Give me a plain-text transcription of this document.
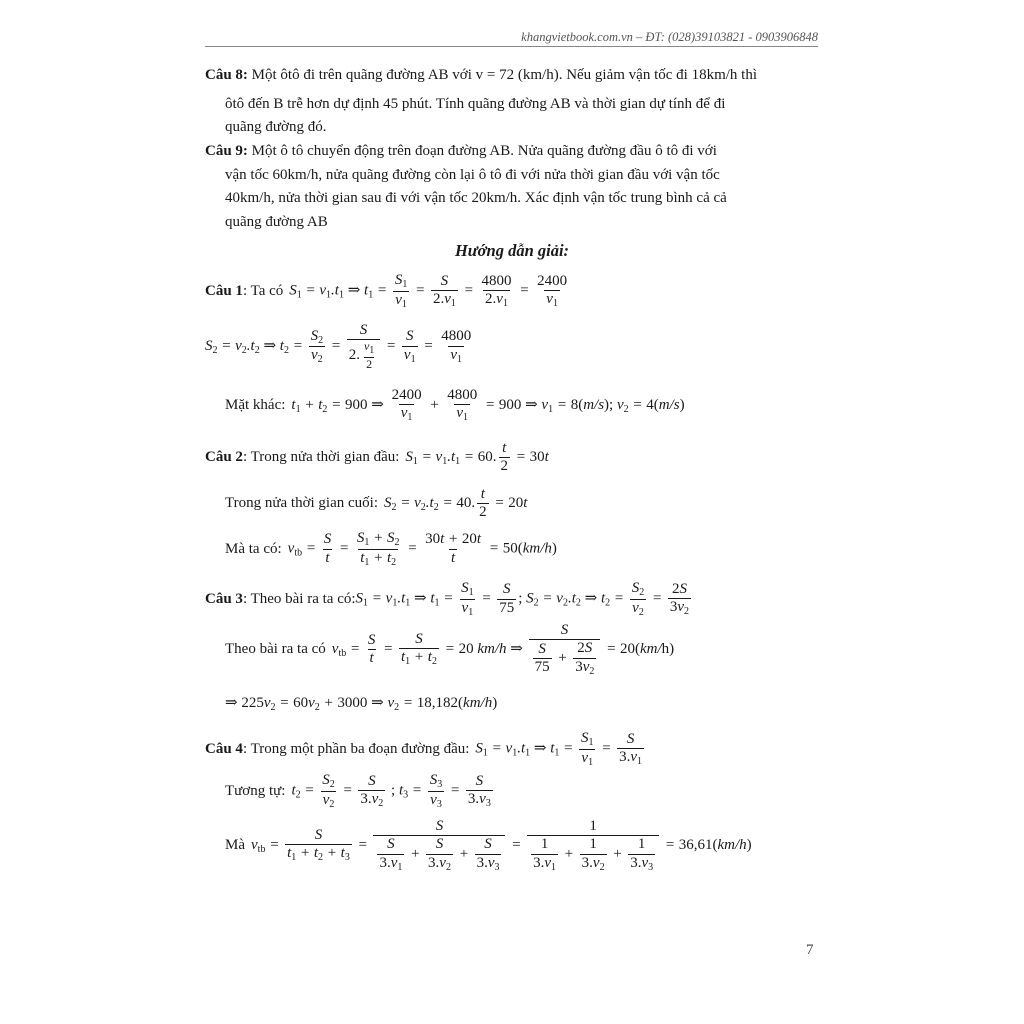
khangvietbook.com.vn – ĐT: (028)39103821 - 0903906848
Câu 8: Một ôtô đi trên quãng đường AB với v = 72 (km/h). Nếu giảm vận tốc đi 18km/h thì
ôtô đến B trễ hơn dự định 45 phút. Tính quãng đường AB và thời gian dự tính để đi
quãng đường đó.
Câu 9: Một ô tô chuyển động trên đoạn đường AB. Nửa quãng đường đầu ô tô đi với
vận tốc 60km/h, nửa quãng đường còn lại ô tô đi với nửa thời gian đầu với vận tốc
40km/h, nửa thời gian sau đi với vận tốc 20km/h. Xác định vận tốc trung bình cả cả
quãng đường AB
Hướng dẫn giải:
Câu 1 : Ta có $S_1 = v_1.t_1$ ⇒ $t_1 = \frac{S_1}{v_1} = \frac{S}{2.v_1} = \frac{4800}{2.v_1} = \frac{2400}{v_1}$
$S_2 = v_2.t_2$ ⇒ $t_2 = \frac{S_2}{v_2} = \frac{S}{2. \frac{v_1}{2}} = \frac{S}{v_1} = \frac{4800}{v_1}$
Mặt khác: $t_1 + t_2 = 900$ ⇒ $\frac{2400}{v_1} + \frac{4800}{v_1} = 900$ ⇒ $v_1 = 8(m/s)$; $v_2 = 4(m/s)$
Câu 2 : Trong nửa thời gian đầu: $S_1 = v_1.t_1 = 60$. $\frac{t}{2} = 30t$
Trong nửa thời gian cuối: $S_2 = v_2.t_2 = 40$. $\frac{t}{2} = 20t$
Mà ta có: $v_{tb} = \frac{S}{t} = \frac{S_1 + S_2}{t_1 + t_2} = \frac{30t + 20t}{t} = 50(km/h)$
Câu 3 : Theo bài ra ta có: $S_1 = v_1.t_1$ ⇒ $t_1 = \frac{S_1}{v_1} = \frac{S}{75}$ ; $S_2 = v_2.t_2$ ⇒ $t_2 = \frac{S_2}{v_2} = \frac{2S}{3v_2}$
Theo bài ra ta có $v_{tb} = \frac{S}{t} = \frac{S}{t_1 + t_2} = 20$ km/h ⇒ $\frac{S}{\frac{S}{75} + \frac{2S}{3v_2}} = 20(km/h)$
⇒ $225v_2 = 60v_2 + 3000$ ⇒ $v_2 = 18,182(km/h)$
Câu 4 : Trong một phần ba đoạn đường đầu: $S_1 = v_1.t_1$ ⇒ $t_1 = \frac{S_1}{v_1} = \frac{S}{3.v_1}$
Tương tự: $t_2 = \frac{S_2}{v_2} = \frac{S}{3.v_2}$ ; $t_3 = \frac{S_3}{v_3} = \frac{S}{3.v_3}$
Mà $v_{tb} = \frac{S}{t_1 + t_2 + t_3} = \frac{S}{\frac{S}{3.v_1} + \frac{S}{3.v_2} + \frac{S}{3.v_3}} = \frac{1}{\frac{1}{3.v_1} + \frac{1}{3.v_2} + \frac{1}{3.v_3}} = 36,61(km/h)$
7
